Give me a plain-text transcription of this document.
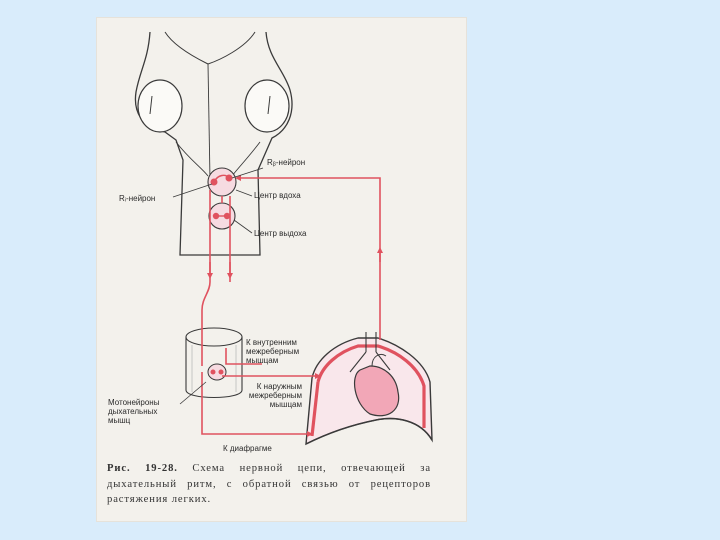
Rᵦ-нейрон
Rᵢ-нейрон	Центр вдоха
Центр выдоха
К внутренним
межреберным
мышцам
К наружным
межреберным
мышцам
Мотонейроны
дыхательных
мышц
К диафрагме
Рис. 19-28. Схема нервной цепи, отвечающей за дыхательный ритм, с обратной связью от рецепторов растяжения легких.
